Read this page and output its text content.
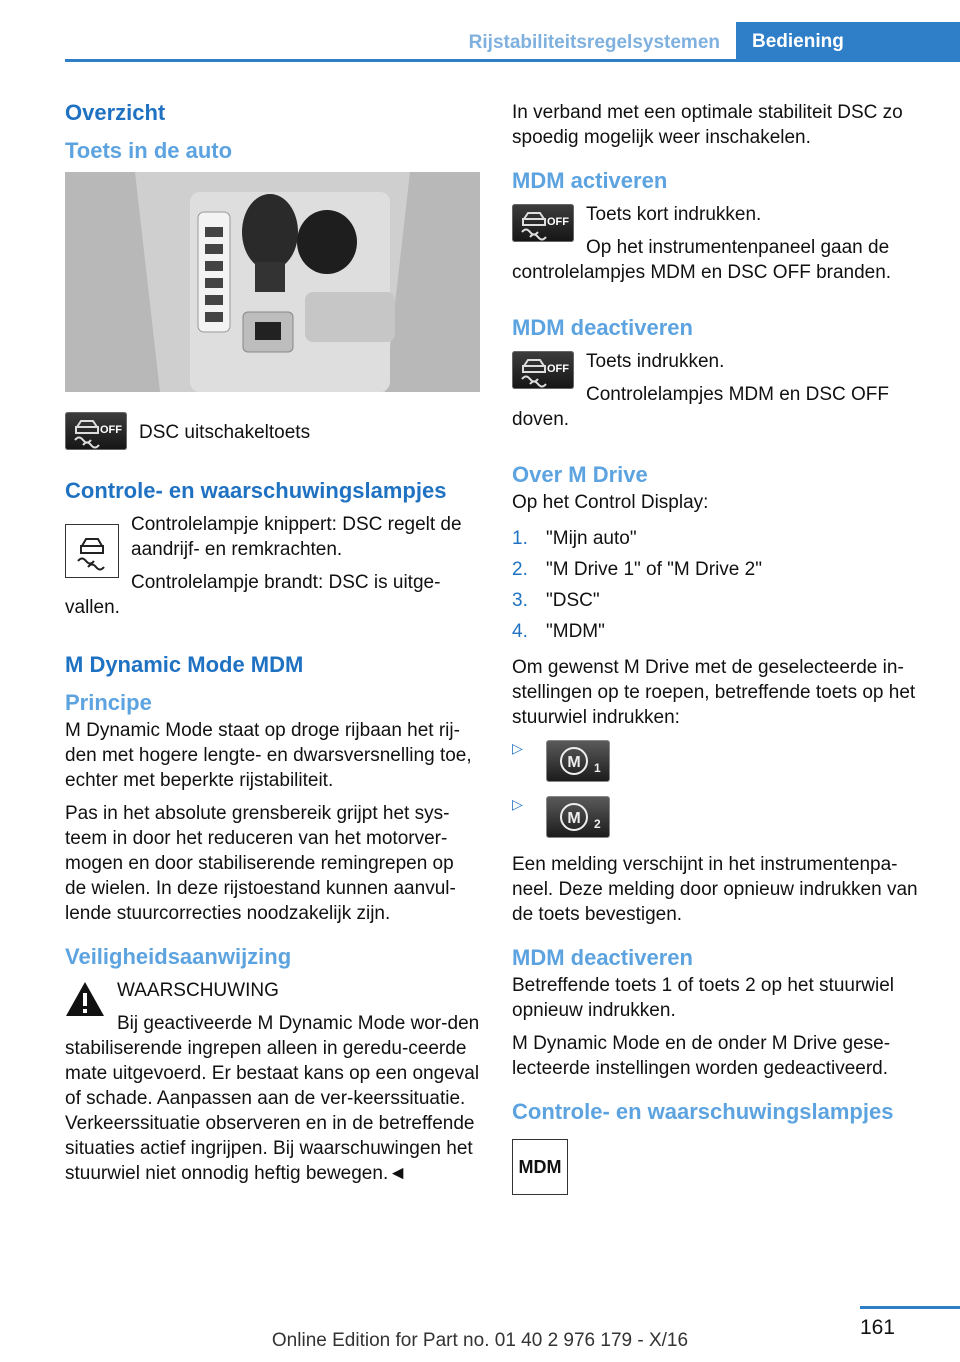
Rijstabiliteitsregelsystemen	Bediening
Overzicht
Toets in de auto
OFF DSC uitschakeltoets

Controle- en waarschuwingslampjes

Controlelampje knippert: DSC regelt de aandrijf- en remkrachten.

Controlelampje brandt: DSC is uitge-vallen.

M Dynamic Mode MDM
Principe

M Dynamic Mode staat op droge rijbaan het rij-den met hogere lengte- en dwarsversnelling toe, echter met beperkte rijstabiliteit.

Pas in het absolute grensbereik grijpt het sys-teem in door het reduceren van het motorver-mogen en door stabiliserende remingrepen op de wielen. In deze rijstoestand kunnen aanvul-lende stuurcorrecties noodzakelijk zijn.

Veiligheidsaanwijzing

WAARSCHUWING

Bij geactiveerde M Dynamic Mode wor-den stabiliserende ingrepen alleen in geredu-ceerde mate uitgevoerd. Er bestaat kans op een ongeval of schade. Aanpassen aan de ver-keerssituatie. Verkeerssituatie observeren en in de betreffende situaties actief ingrijpen. Bij waarschuwingen het stuurwiel niet onnodig heftig bewegen.◄

In verband met een optimale stabiliteit DSC zo spoedig mogelijk weer inschakelen.

MDM activeren
OFF Toets kort indrukken.

Op het instrumentenpaneel gaan de controlelampjes MDM en DSC OFF branden.

MDM deactiveren
OFF Toets indrukken.

Controlelampjes MDM en DSC OFF doven.

Over M Drive

Op het Control Display:

1. "Mijn auto"
2. "M Drive 1" of "M Drive 2"
3. "DSC"
4. "MDM"

Om gewenst M Drive met de geselecteerde in-stellingen op te roepen, betreffende toets op het stuurwiel indrukken:

▷
M 1
▷
M 2

Een melding verschijnt in het instrumentenpa-neel. Deze melding door opnieuw indrukken van de toets bevestigen.

MDM deactiveren

Betreffende toets 1 of toets 2 op het stuurwiel opnieuw indrukken.

M Dynamic Mode en de onder M Drive gese-lecteerde instellingen worden gedeactiveerd.

Controle- en waarschuwingslampjes
MDM
161
Online Edition for Part no. 01 40 2 976 179 - X/16
